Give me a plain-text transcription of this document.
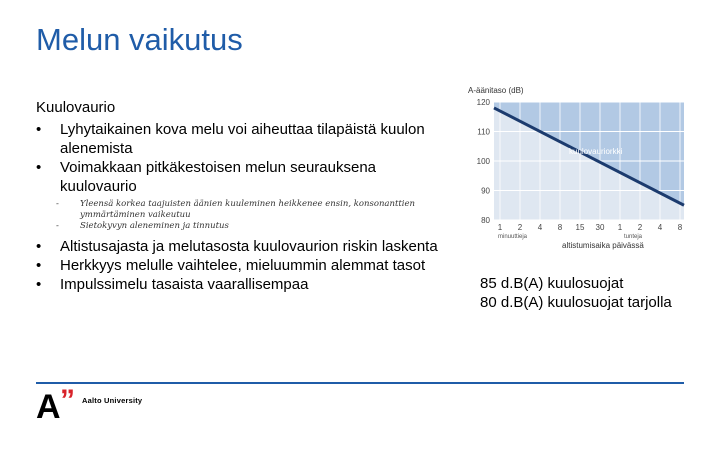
Melun vaikutus
Kuulovaurio
• Lyhytaikainen kova melu voi aiheuttaa tilapäistä kuulon alenemista
• Voimakkaan pitkäkestoisen melun seurauksena kuulovaurio
- Yleensä korkea taajuisten äänien kuuleminen heikkenee ensin, konsonanttien ymmärtäminen vaikeutuu
- Sietokyvyn aleneminen ja tinnutus
• Altistusajasta ja melutasosta kuulovaurion riskin laskenta
• Herkkyys melulle vaihtelee, mieluummin alemmat tasot
• Impulssimelu tasaista vaarallisempaa
120
110
100
90
80
1 2 4 8 15 30 1 2 4 8
A-äänitaso (dB)
kuulovauriorkki
minuuttieja	tunteja
altistumisaika päivässä
85 d.B(A) kuulosuojat
80 d.B(A) kuulosuojat tarjolla
A ” Aalto University
